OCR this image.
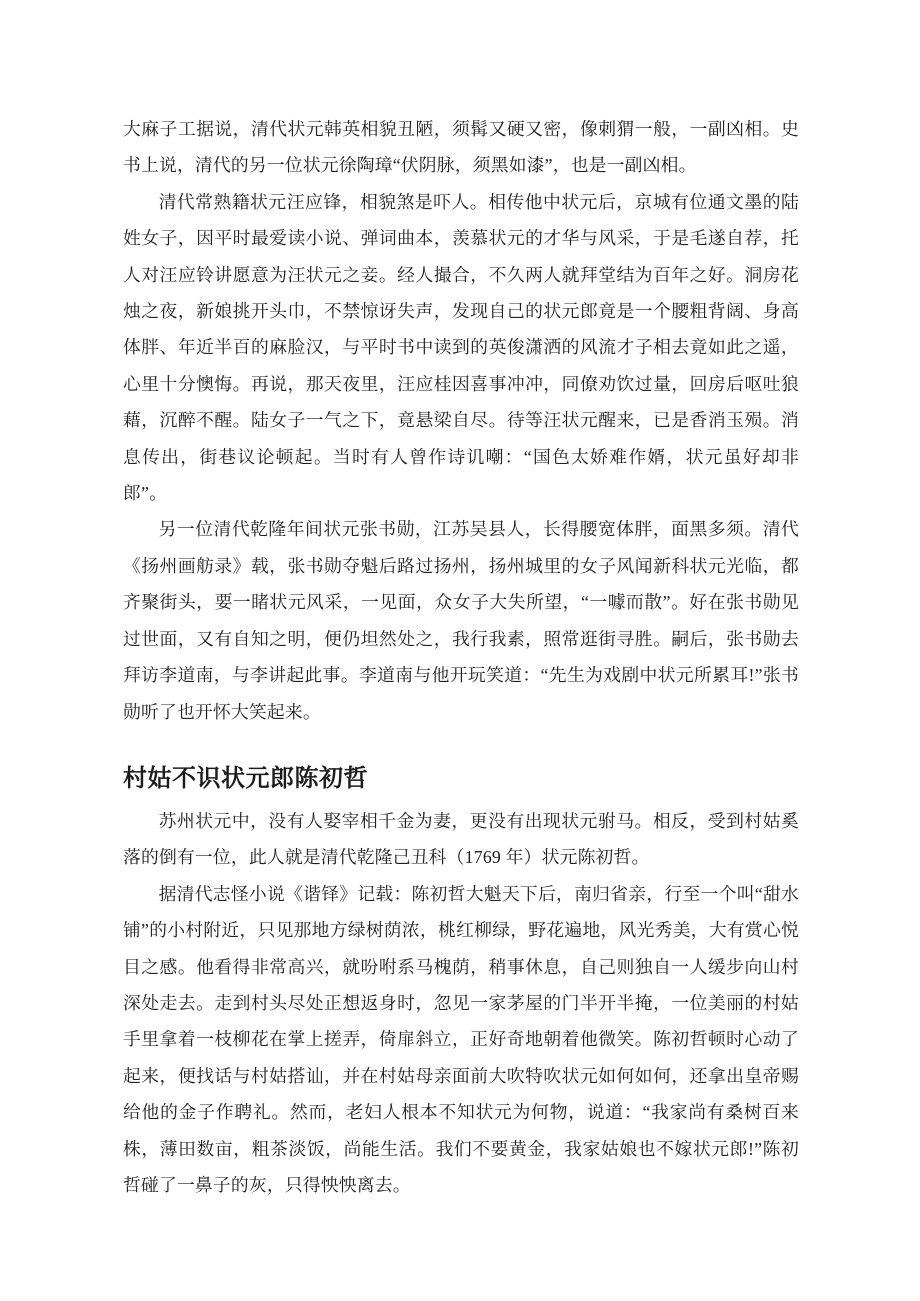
大麻子工据说，清代状元韩英相貌丑陋，须髯又硬又密，像刺猬一般，一副凶相。史书上说，清代的另一位状元徐陶璋“伏阴脉，须黑如漆”，也是一副凶相。

清代常熟籍状元汪应锋，相貌煞是吓人。相传他中状元后，京城有位通文墨的陆姓女子，因平时最爱读小说、弹词曲本，羡慕状元的才华与风采，于是毛遂自荐，托人对汪应铃讲愿意为汪状元之妾。经人撮合，不久两人就拜堂结为百年之好。洞房花烛之夜，新娘挑开头巾，不禁惊讶失声，发现自己的状元郎竟是一个腰粗背阔、身高体胖、年近半百的麻脸汉，与平时书中读到的英俊潇洒的风流才子相去竟如此之遥，心里十分懊悔。再说，那天夜里，汪应桂因喜事冲冲，同僚劝饮过量，回房后呕吐狼藉，沉醉不醒。陆女子一气之下，竟悬梁自尽。待等汪状元醒来，已是香消玉殒。消息传出，街巷议论顿起。当时有人曾作诗讥嘲：“国色太娇难作婿，状元虽好却非郎”。

另一位清代乾隆年间状元张书勋，江苏吴县人，长得腰宽体胖，面黑多须。清代《扬州画舫录》载，张书勋夺魁后路过扬州，扬州城里的女子风闻新科状元光临，都齐聚街头，要一睹状元风采，一见面，众女子大失所望，“一噱而散”。好在张书勋见过世面，又有自知之明，便仍坦然处之，我行我素，照常逛街寻胜。嗣后，张书勋去拜访李道南，与李讲起此事。李道南与他开玩笑道：“先生为戏剧中状元所累耳!”张书勋听了也开怀大笑起来。

村姑不识状元郎陈初哲

苏州状元中，没有人娶宰相千金为妻，更没有出现状元驸马。相反，受到村姑奚落的倒有一位，此人就是清代乾隆己丑科（1769 年）状元陈初哲。

据清代志怪小说《谐铎》记载：陈初哲大魁天下后，南归省亲，行至一个叫“甜水铺”的小村附近，只见那地方绿树荫浓，桃红柳绿，野花遍地，风光秀美，大有赏心悦目之感。他看得非常高兴，就吩咐系马槐荫，稍事休息，自己则独自一人缓步向山村深处走去。走到村头尽处正想返身时，忽见一家茅屋的门半开半掩，一位美丽的村姑手里拿着一枝柳花在掌上搓弄，倚扉斜立，正好奇地朝着他微笑。陈初哲顿时心动了起来，便找话与村姑搭讪，并在村姑母亲面前大吹特吹状元如何如何，还拿出皇帝赐给他的金子作聘礼。然而，老妇人根本不知状元为何物，说道：“我家尚有桑树百来株，薄田数亩，粗茶淡饭，尚能生活。我们不要黄金，我家姑娘也不嫁状元郎!”陈初哲碰了一鼻子的灰，只得怏怏离去。
